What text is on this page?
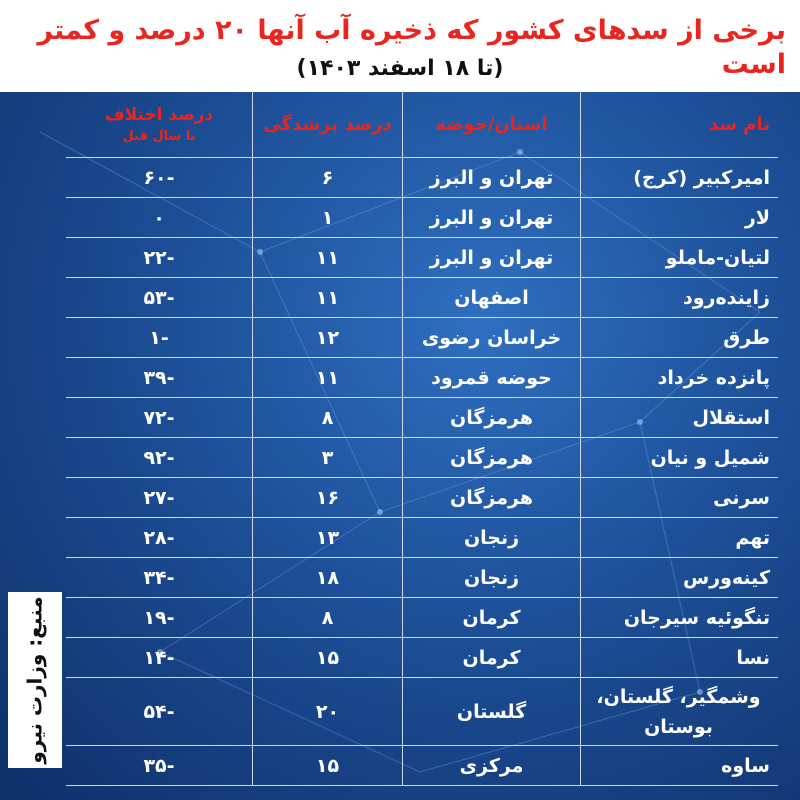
برخی از سدهای کشور که ذخیره آب آنها ۲۰ درصد و کمتر است
(تا ۱۸ اسفند ۱۴۰۳)
منبع: وزارت نیرو
نام سد
استان/حوضه
درصد پرشدگی
درصد اختلاف
با سال قبل
امیرکبیر (کرج)
تهران و البرز
۶
-۶۰
لار
تهران و البرز
۱
۰
لتیان-ماملو
تهران و البرز
۱۱
-۲۲
زاینده‌رود
اصفهان
۱۱
-۵۳
طرق
خراسان رضوی
۱۲
-۱
پانزده خرداد
حوضه قمرود
۱۱
-۳۹
استقلال
هرمزگان
۸
-۷۲
شمیل و نیان
هرمزگان
۳
-۹۲
سرنی
هرمزگان
۱۶
-۲۷
تهم
زنجان
۱۳
-۲۸
کینه‌ورس
زنجان
۱۸
-۳۴
تنگوئیه سیرجان
کرمان
۸
-۱۹
نسا
کرمان
۱۵
-۱۴
وشمگیر، گلستان، بوستان
گلستان
۲۰
-۵۴
ساوه
مرکزی
۱۵
-۳۵
